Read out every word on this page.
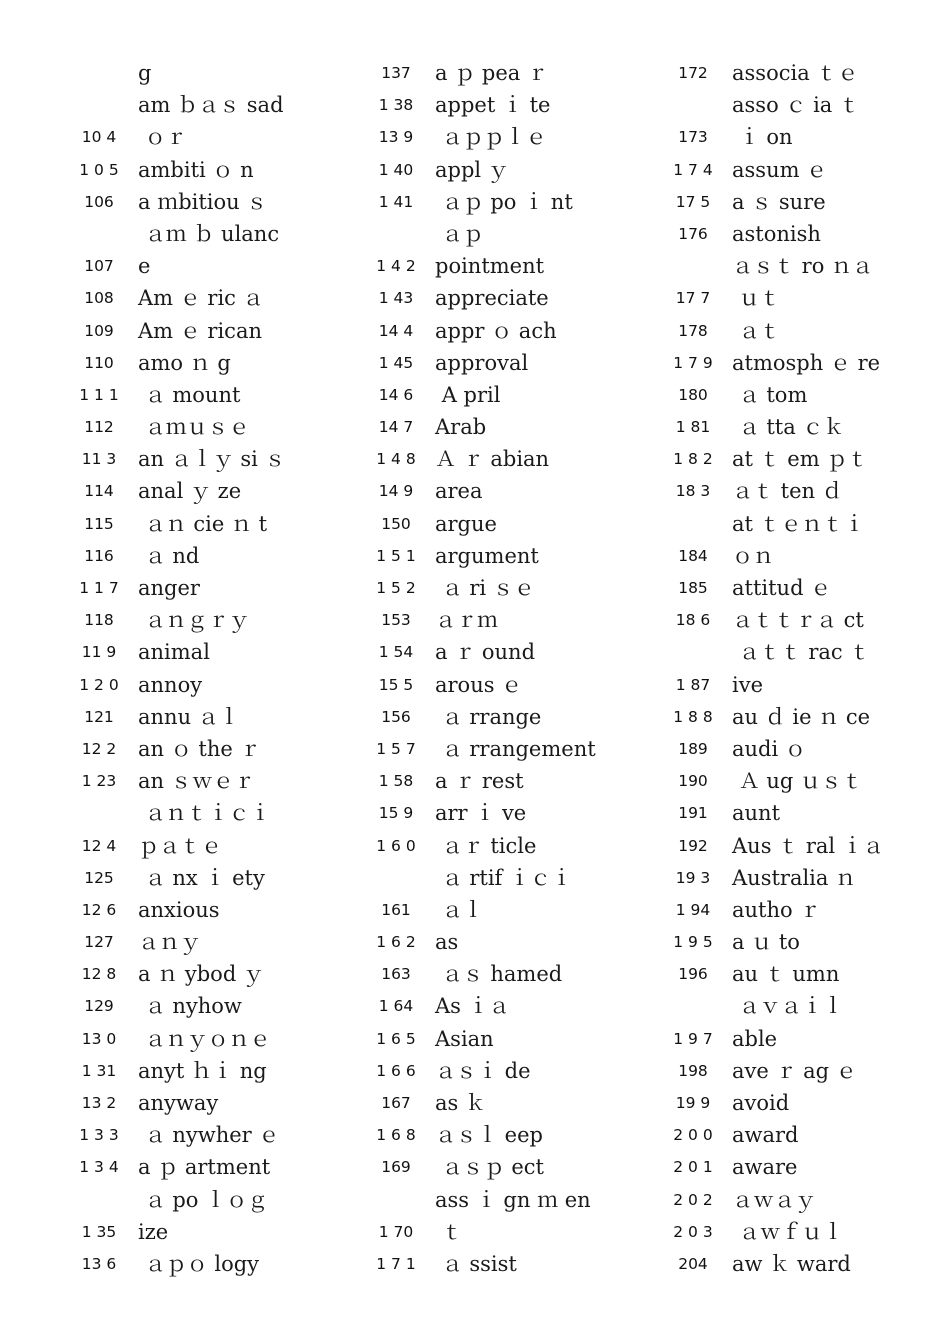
g
am ｂａｓ sad
10 4	ｏｒ
1 0 5 ambiti ｏ n
106	a ｍbitiou ｓ
ａｍ ｂ ulanc
107	e
108	Am ｅ ric ａ
109	Am ｅ rican
110	amo ｎ g
1 1 1 ａ mount
112	ａｍｕｓｅ
11 3	an ａｌｙ si ｓ
114	anal ｙ ze
115	ａｎ cie ｎ t
116	ａ nd
1 1 7 anger
118	ａｎｇｒｙ
11 9	animal
1 2 0 annoy
121	annu ａｌ
12 2	an ｏ the ｒ
1 23	an ｓｗｅｒ
ａｎｔｉｃｉ
12 4	ｐａｔｅ
125	ａ nx ｉ ety
12 6	anxious
127	ａｎｙ
12 8	a ｎ ybod ｙ
129	ａ nyhow
13 0	ａｎｙｏｎｅ
1 31	anyt ｈｉ ng
13 2	anyway
1 3 3 ａ nywher ｅ
1 3 4 a ｐ artment
ａ po ｌｏｇ
1 35	ize
13 6	ａｐｏ logy
137	a ｐ pea ｒ
1 38	appet ｉ te
13 9	ａｐｐｌｅ
1 40	appl ｙ
1 41	ａｐ po ｉ nt
ａｐ
1 4 2 pointment
1 43	appreciate
14 4	appr ｏ ach
1 45	approval
14 6	A pril
14 7	Arab
1 4 8 Ａ ｒ abian
14 9	area
150	argue
1 5 1 argument
1 5 2 ａ ri ｓｅ
153	ａｒｍ
1 54	a ｒ ound
15 5	arous ｅ
156	ａ rrange
1 5 7 ａ rrangement
1 58	a ｒ rest
15 9	arr ｉ ve
1 6 0 ａｒ ticle
ａ rtif ｉｃｉ
161	ａｌ
1 6 2 as
163	ａｓ hamed
1 64	As ｉａ
1 6 5 Asian
1 6 6 ａｓｉ de
167	as ｋ
1 6 8 ａｓｌ eep
169	ａｓｐ ect
ass ｉ gn ｍ en
1 70	ｔ
1 7 1 ａ ssist
172	associa ｔｅ
asso ｃ ia ｔ
173	ｉ on
1 7 4 assum ｅ
17 5	a ｓ sure
176	astonish
ａｓｔ ro ｎａ
17 7	ｕｔ
178	ａｔ
1 7 9 atmosph ｅ re
180	ａ tom
1 81	ａ tta ｃｋ
1 8 2 at ｔ em ｐｔ
18 3	ａｔ ten ｄ
at ｔｅｎｔｉ
184	ｏｎ
185	attitud ｅ
18 6	ａｔｔｒａ ct
ａｔｔ rac ｔ
1 87	ive
1 8 8 au ｄ ie ｎ ce
189	audi ｏ
190	Ａ ug ｕｓｔ
191	aunt
192	Aus ｔ ral ｉａ
19 3	Australia ｎ
1 94	autho ｒ
1 9 5 a ｕ to
196	au ｔ umn
ａｖａｉｌ
1 9 7 able
198	ave ｒ ag ｅ
19 9	avoid
2 0 0 award
2 0 1 aware
2 0 2 ａｗａｙ
2 0 3 ａｗｆｕｌ
204	aw ｋ ward
